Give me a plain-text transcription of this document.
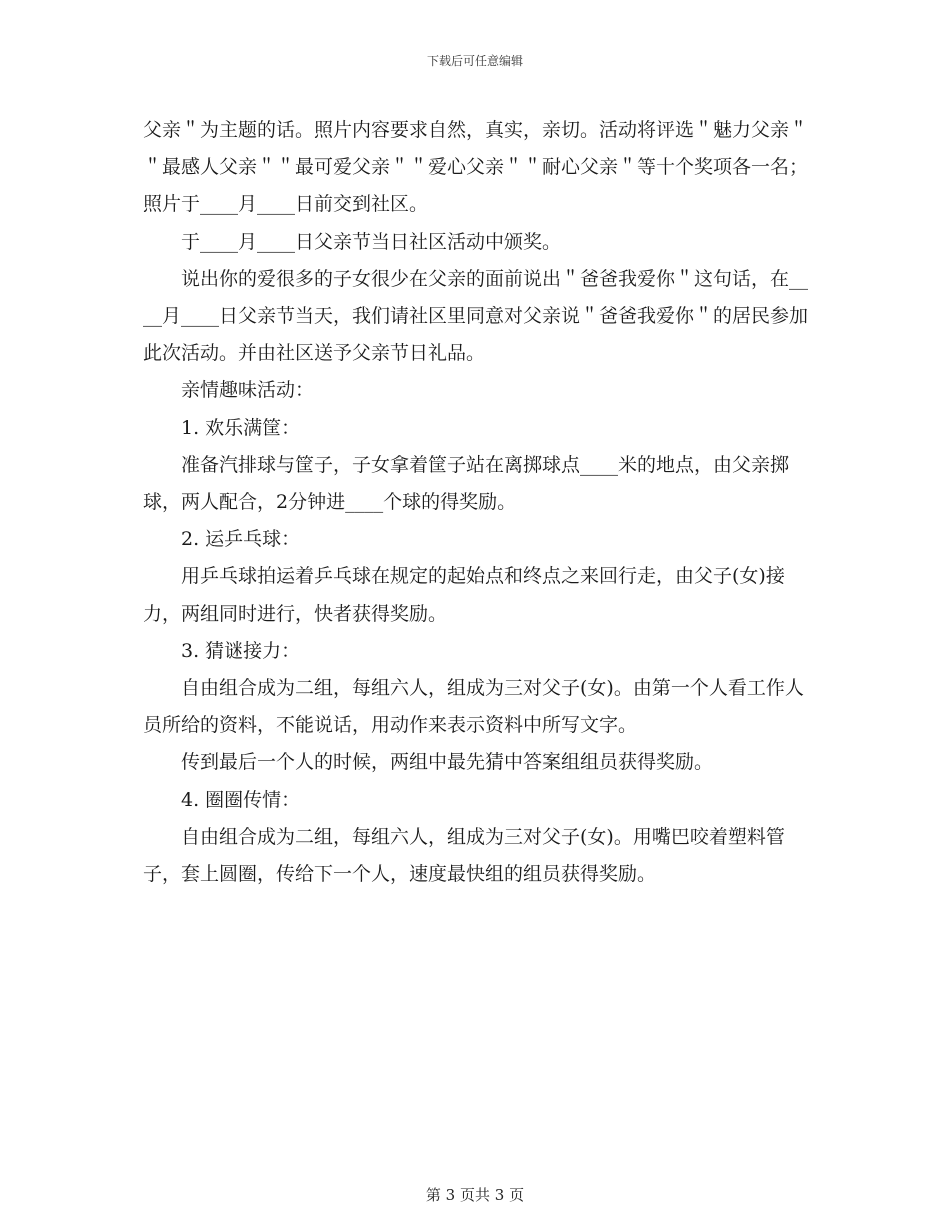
下载后可任意编辑

父亲＂为主题的话。照片内容要求自然，真实，亲切。活动将评选＂魅力父亲＂＂最感人父亲＂＂最可爱父亲＂＂爱心父亲＂＂耐心父亲＂等十个奖项各一名；照片于____月____日前交到社区。

于____月____日父亲节当日社区活动中颁奖。

说出你的爱很多的子女很少在父亲的面前说出＂爸爸我爱你＂这句话，在____月____日父亲节当天，我们请社区里同意对父亲说＂爸爸我爱你＂的居民参加此次活动。并由社区送予父亲节日礼品。

亲情趣味活动：

1. 欢乐满筐：

准备汽排球与筐子，子女拿着筐子站在离掷球点____米的地点，由父亲掷球，两人配合，2分钟进____个球的得奖励。

2. 运乒乓球：

用乒乓球拍运着乒乓球在规定的起始点和终点之来回行走，由父子(女)接力，两组同时进行，快者获得奖励。

3. 猜谜接力：

自由组合成为二组，每组六人，组成为三对父子(女)。由第一个人看工作人员所给的资料，不能说话，用动作来表示资料中所写文字。

传到最后一个人的时候，两组中最先猜中答案组组员获得奖励。

4. 圈圈传情：

自由组合成为二组，每组六人，组成为三对父子(女)。用嘴巴咬着塑料管子，套上圆圈，传给下一个人，速度最快组的组员获得奖励。

第 3 页共 3 页
